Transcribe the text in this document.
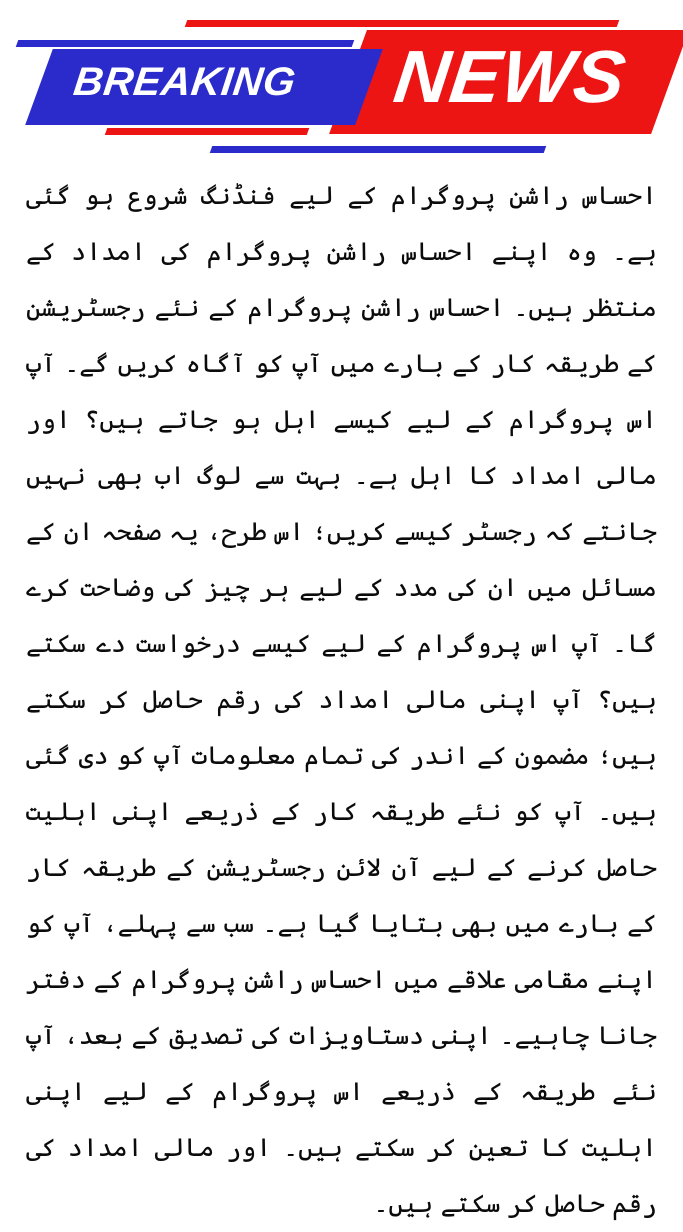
BREAKING NEWS

احساس راشن پروگرام کے لیے فنڈنگ شروع ہو گئی ہے۔ وہ اپنے احساس راشن پروگرام کی امداد کے منتظر ہیں۔ احساس راشن پروگرام کے نئے رجسٹریشن کے طریقہ کار کے بارے میں آپ کو آگاہ کریں گے۔ آپ اس پروگرام کے لیے کیسے اہل ہو جاتے ہیں؟ اور مالی امداد کا اہل ہے۔ بہت سے لوگ اب بھی نہیں جانتے کہ رجسٹر کیسے کریں؛ اس طرح، یہ صفحہ ان کے مسائل میں ان کی مدد کے لیے ہر چیز کی وضاحت کرے گا۔ آپ اس پروگرام کے لیے کیسے درخواست دے سکتے ہیں؟ آپ اپنی مالی امداد کی رقم حاصل کر سکتے ہیں؛ مضمون کے اندر کی تمام معلومات آپ کو دی گئی ہیں۔ آپ کو نئے طریقہ کار کے ذریعے اپنی اہلیت حاصل کرنے کے لیے آن لائن رجسٹریشن کے طریقہ کار کے بارے میں بھی بتایا گیا ہے۔ سب سے پہلے، آپ کو اپنے مقامی علاقے میں احساس راشن پروگرام کے دفتر جانا چاہیے۔ اپنی دستاویزات کی تصدیق کے بعد، آپ نئے طریقہ کے ذریعے اس پروگرام کے لیے اپنی اہلیت کا تعین کر سکتے ہیں۔ اور مالی امداد کی رقم حاصل کر سکتے ہیں۔
